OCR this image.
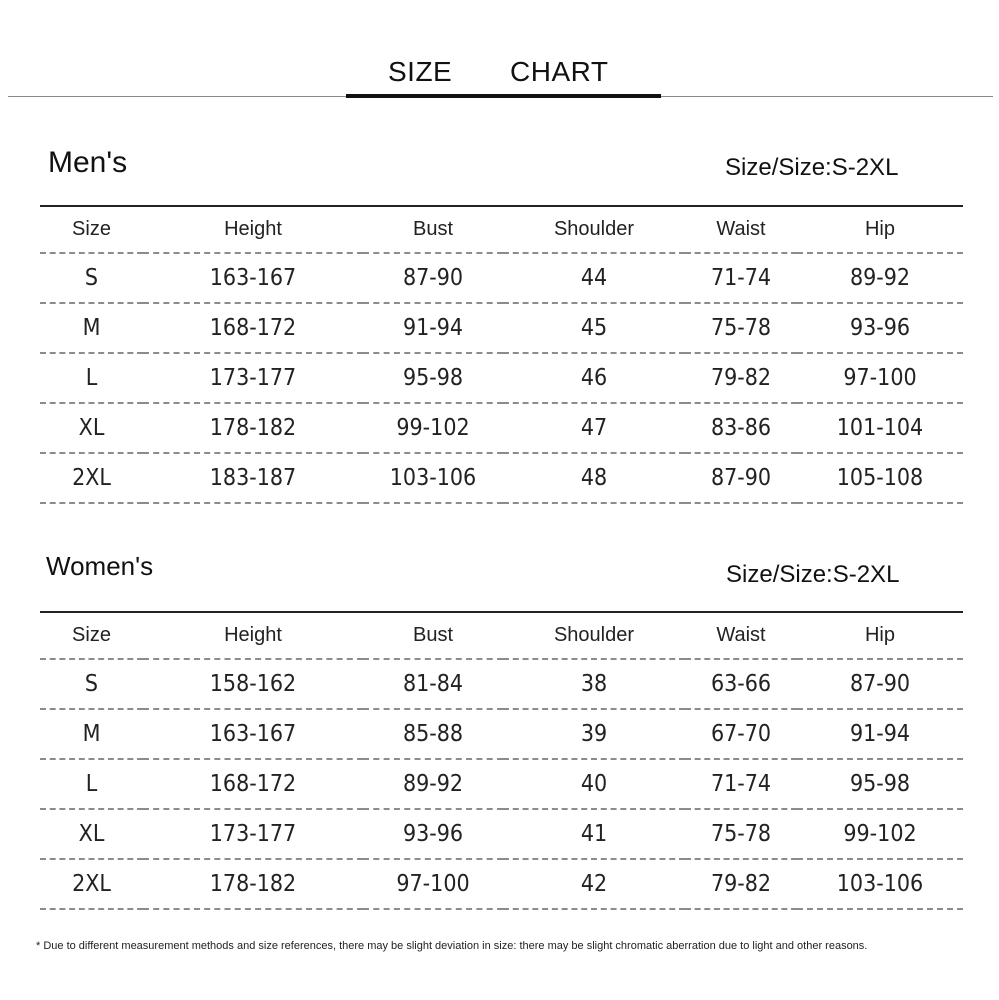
SIZE CHART
Men's	Size/Size:S-2XL
Size	Height	Bust	Shoulder	Waist	Hip
S	163-167	87-90	44	71-74	89-92
M	168-172	91-94	45	75-78	93-96
L	173-177	95-98	46	79-82	97-100
XL	178-182	99-102	47	83-86	101-104
2XL	183-187	103-106	48	87-90	105-108
Women's	Size/Size:S-2XL
Size	Height	Bust	Shoulder	Waist	Hip
S	158-162	81-84	38	63-66	87-90
M	163-167	85-88	39	67-70	91-94
L	168-172	89-92	40	71-74	95-98
XL	173-177	93-96	41	75-78	99-102
2XL	178-182	97-100	42	79-82	103-106
* Due to different measurement methods and size references, there may be slight deviation in size: there may be slight chromatic aberration due to light and other reasons.
